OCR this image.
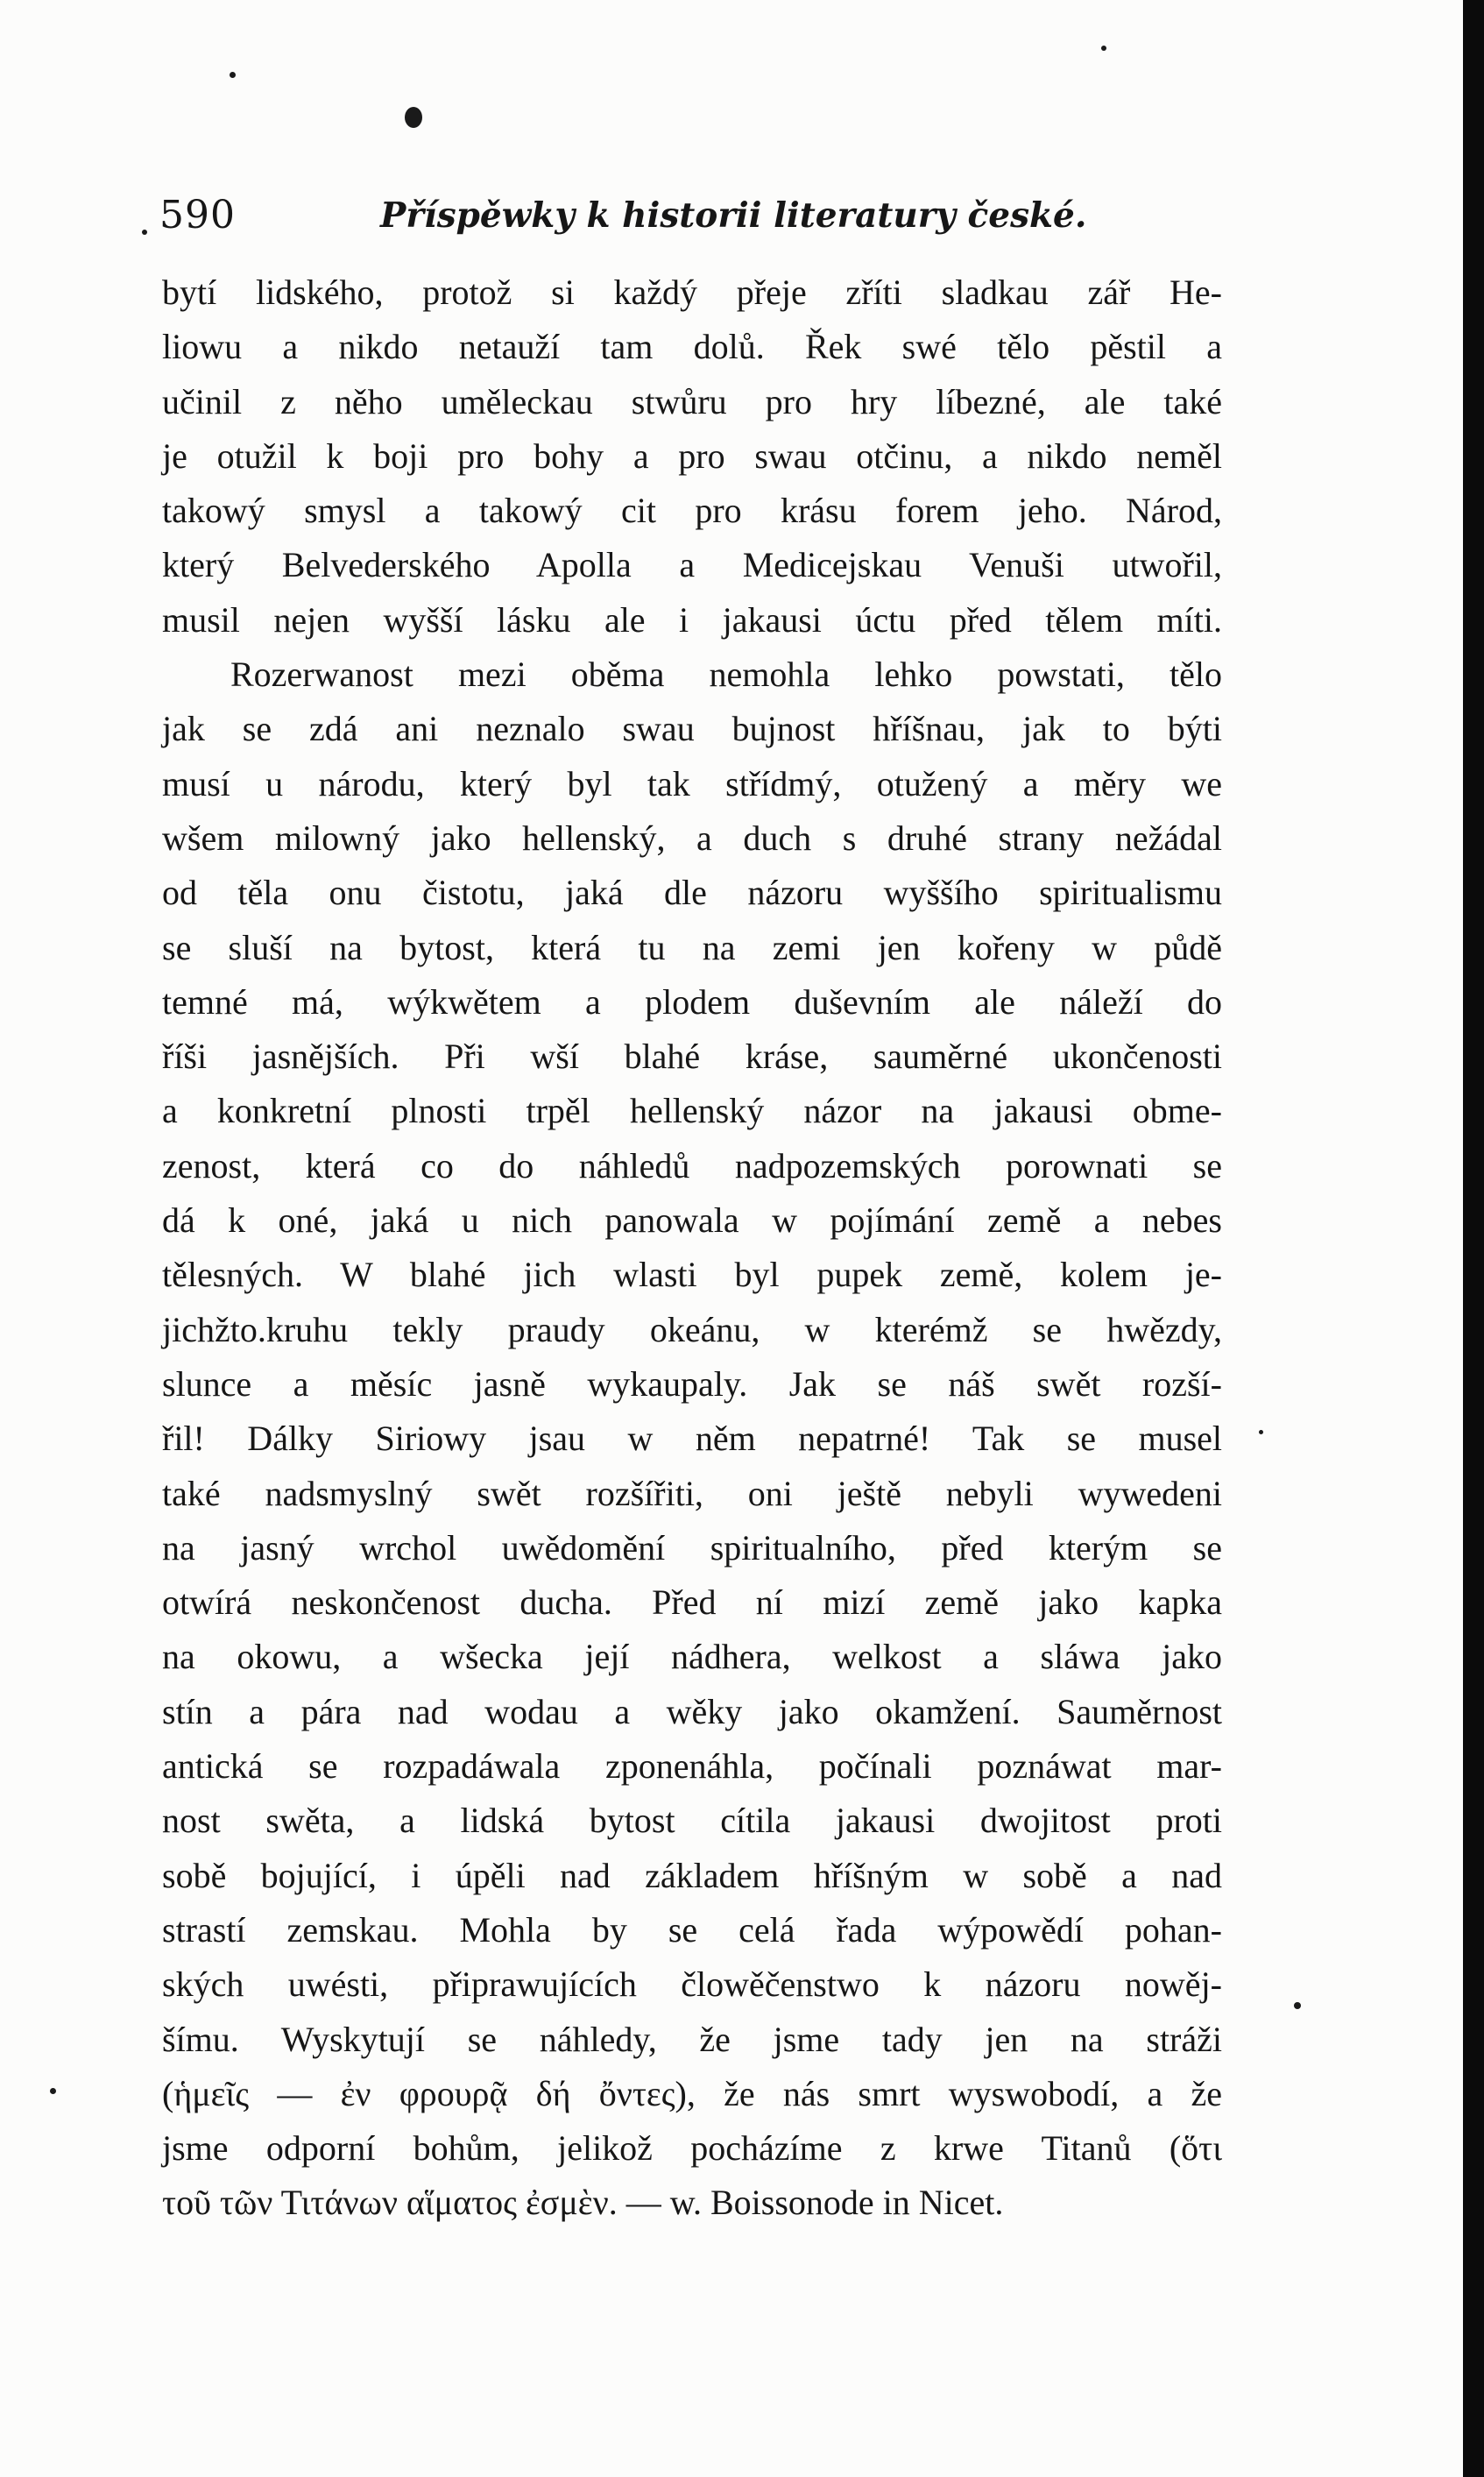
590	Příspěwky k historii literatury české.
bytí lidského, protož si každý přeje zříti sladkau zář He-
liowu a nikdo netauží tam dolů. Řek swé tělo pěstil a
učinil z něho uměleckau stwůru pro hry líbezné, ale také
je otužil k boji pro bohy a pro swau otčinu, a nikdo neměl
takowý smysl a takowý cit pro krásu forem jeho. Národ,
který Belvederského Apolla a Medicejskau Venuši utwořil,
musil nejen wyšší lásku ale i jakausi úctu před tělem míti.
Rozerwanost mezi oběma nemohla lehko powstati, tělo
jak se zdá ani neznalo swau bujnost hříšnau, jak to býti
musí u národu, který byl tak střídmý, otužený a měry we
wšem milowný jako hellenský, a duch s druhé strany nežádal
od těla onu čistotu, jaká dle názoru wyššího spiritualismu
se sluší na bytost, která tu na zemi jen kořeny w půdě
temné má, wýkwětem a plodem duševním ale náleží do
říši jasnějších. Při wší blahé kráse, sauměrné ukončenosti
a konkretní plnosti trpěl hellenský názor na jakausi obme-
zenost, která co do náhledů nadpozemských porownati se
dá k oné, jaká u nich panowala w pojímání země a nebes
tělesných. W blahé jich wlasti byl pupek země, kolem je-
jichžto.kruhu tekly praudy okeánu, w kterémž se hwězdy,
slunce a měsíc jasně wykaupaly. Jak se náš swět rozší-
řil! Dálky Siriowy jsau w něm nepatrné! Tak se musel
také nadsmyslný swět rozšířiti, oni ještě nebyli wywedeni
na jasný wrchol uwědomění spiritualního, před kterým se
otwírá neskončenost ducha. Před ní mizí země jako kapka
na okowu, a wšecka její nádhera, welkost a sláwa jako
stín a pára nad wodau a wěky jako okamžení. Sauměrnost
antická se rozpadáwala zponenáhla, počínali poznáwat mar-
nost swěta, a lidská bytost cítila jakausi dwojitost proti
sobě bojující, i úpěli nad základem hříšným w sobě a nad
strastí zemskau. Mohla by se celá řada wýpowědí pohan-
ských uwésti, připrawujících člowěčenstwo k názoru nowěj-
šímu. Wyskytují se náhledy, že jsme tady jen na stráži
(ἡμεῖς — ἐν φρουρᾷ δή ὄντες), že nás smrt wyswobodí, a že
jsme odporní bohům, jelikož pocházíme z krwe Titanů (ὅτι
τοῦ τῶν Τιτάνων αἵματος ἐσμὲν. — w. Boissonode in Nicet.
